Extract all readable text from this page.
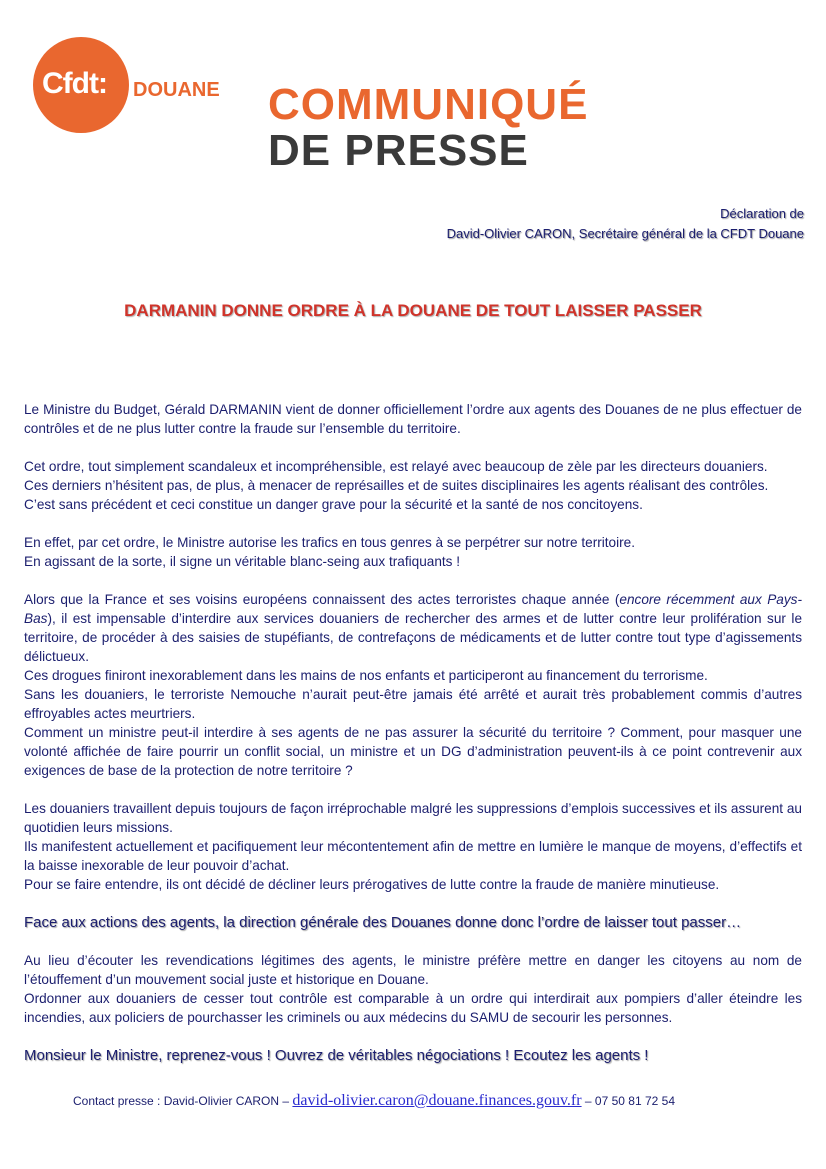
Cfdt: DOUANE COMMUNIQUÉ
DE PRESSE
Déclaration de
David-Olivier CARON, Secrétaire général de la CFDT Douane
DARMANIN DONNE ORDRE À LA DOUANE DE TOUT LAISSER PASSER

Le Ministre du Budget, Gérald DARMANIN vient de donner officiellement l’ordre aux agents des Douanes de ne plus effectuer de contrôles et de ne plus lutter contre la fraude sur l’ensemble du territoire.

Cet ordre, tout simplement scandaleux et incompréhensible, est relayé avec beaucoup de zèle par les directeurs douaniers.
Ces derniers n’hésitent pas, de plus, à menacer de représailles et de suites disciplinaires les agents réalisant des contrôles.
C’est sans précédent et ceci constitue un danger grave pour la sécurité et la santé de nos concitoyens.

En effet, par cet ordre, le Ministre autorise les trafics en tous genres à se perpétrer sur notre territoire.
En agissant de la sorte, il signe un véritable blanc-seing aux trafiquants !

Alors que la France et ses voisins européens connaissent des actes terroristes chaque année (encore récemment aux Pays-Bas), il est impensable d’interdire aux services douaniers de rechercher des armes et de lutter contre leur prolifération sur le territoire, de procéder à des saisies de stupéfiants, de contrefaçons de médicaments et de lutter contre tout type d’agissements délictueux.
Ces drogues finiront inexorablement dans les mains de nos enfants et participeront au financement du terrorisme.
Sans les douaniers, le terroriste Nemouche n’aurait peut-être jamais été arrêté et aurait très probablement commis d’autres effroyables actes meurtriers.
Comment un ministre peut-il interdire à ses agents de ne pas assurer la sécurité du territoire ? Comment, pour masquer une volonté affichée de faire pourrir un conflit social, un ministre et un DG d’administration peuvent-ils à ce point contrevenir aux exigences de base de la protection de notre territoire ?

Les douaniers travaillent depuis toujours de façon irréprochable malgré les suppressions d’emplois successives et ils assurent au quotidien leurs missions.
Ils manifestent actuellement et pacifiquement leur mécontentement afin de mettre en lumière le manque de moyens, d’effectifs et la baisse inexorable de leur pouvoir d’achat.
Pour se faire entendre, ils ont décidé de décliner leurs prérogatives de lutte contre la fraude de manière minutieuse.

Face aux actions des agents, la direction générale des Douanes donne donc l’ordre de laisser tout passer…

Au lieu d’écouter les revendications légitimes des agents, le ministre préfère mettre en danger les citoyens au nom de l’étouffement d’un mouvement social juste et historique en Douane.
Ordonner aux douaniers de cesser tout contrôle est comparable à un ordre qui interdirait aux pompiers d’aller éteindre les incendies, aux policiers de pourchasser les criminels ou aux médecins du SAMU de secourir les personnes.

Monsieur le Ministre, reprenez-vous ! Ouvrez de véritables négociations ! Ecoutez les agents !

Contact presse : David-Olivier CARON – david-olivier.caron@douane.finances.gouv.fr – 07 50 81 72 54
